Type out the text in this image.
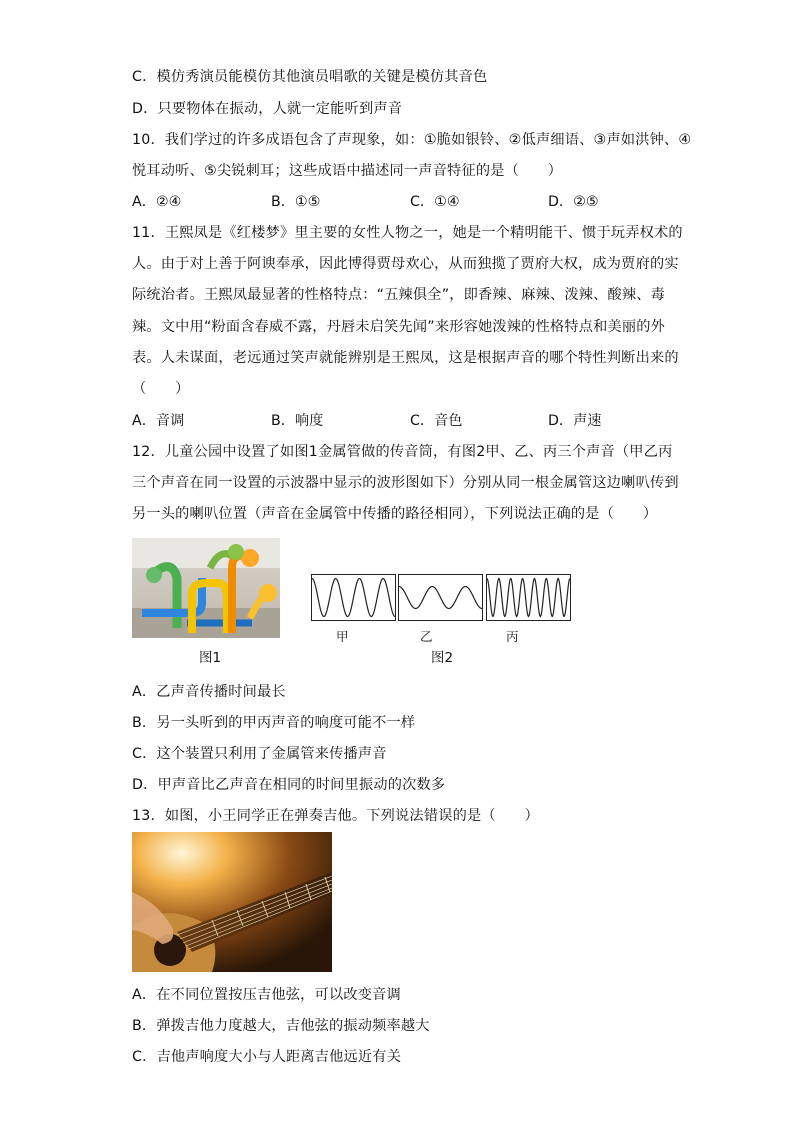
C．模仿秀演员能模仿其他演员唱歌的关键是模仿其音色
D．只要物体在振动，人就一定能听到声音
10．我们学过的许多成语包含了声现象，如：①脆如银铃、②低声细语、③声如洪钟、④
悦耳动听、⑤尖锐刺耳；这些成语中描述同一声音特征的是（　　）
A．②④	B．①⑤	C．①④	D．②⑤
11．王熙凤是《红楼梦》里主要的女性人物之一，她是一个精明能干、惯于玩弄权术的
人。由于对上善于阿谀奉承，因此博得贾母欢心，从而独揽了贾府大权，成为贾府的实
际统治者。王熙凤最显著的性格特点：“五辣俱全”，即香辣、麻辣、泼辣、酸辣、毒
辣。文中用“粉面含春威不露，丹唇未启笑先闻”来形容她泼辣的性格特点和美丽的外
表。人未谋面，老远通过笑声就能辨别是王熙凤，这是根据声音的哪个特性判断出来的
（　　）
A．音调	B．响度	C．音色	D．声速
12．儿童公园中设置了如图1金属管做的传音筒，有图2甲、乙、丙三个声音（甲乙丙
三个声音在同一设置的示波器中显示的波形图如下）分别从同一根金属管这边喇叭传到
另一头的喇叭位置（声音在金属管中传播的路径相同），下列说法正确的是（　　）
图1
甲	乙	丙
图2
A．乙声音传播时间最长
B．另一头听到的甲丙声音的响度可能不一样
C．这个装置只利用了金属管来传播声音
D．甲声音比乙声音在相同的时间里振动的次数多
13．如图，小王同学正在弹奏吉他。下列说法错误的是（　　）
A．在不同位置按压吉他弦，可以改变音调
B．弹拨吉他力度越大，吉他弦的振动频率越大
C．吉他声响度大小与人距离吉他远近有关
